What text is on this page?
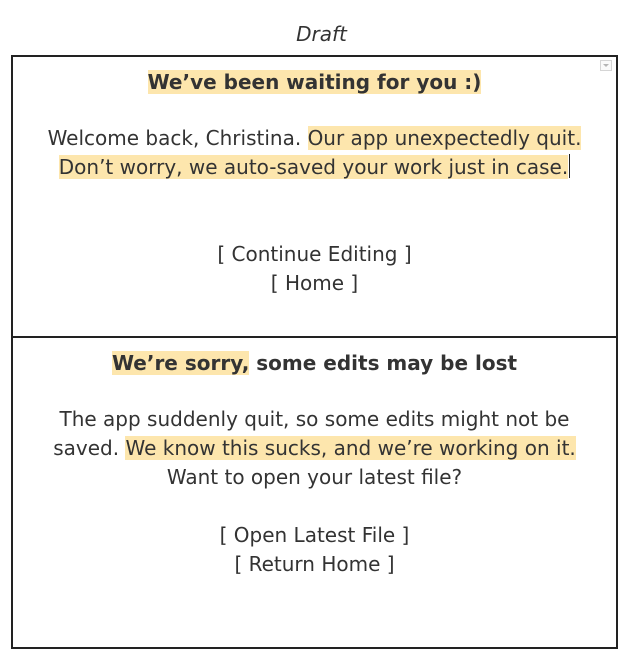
Draft
We’ve been waiting for you :)
Welcome back, Christina. Our app unexpectedly quit.
Don’t worry, we auto-saved your work just in case.
[ Continue Editing ]
[ Home ]
We’re sorry, some edits may be lost
The app suddenly quit, so some edits might not be saved. We know this sucks, and we’re working on it. Want to open your latest file?
[ Open Latest File ]
[ Return Home ]
